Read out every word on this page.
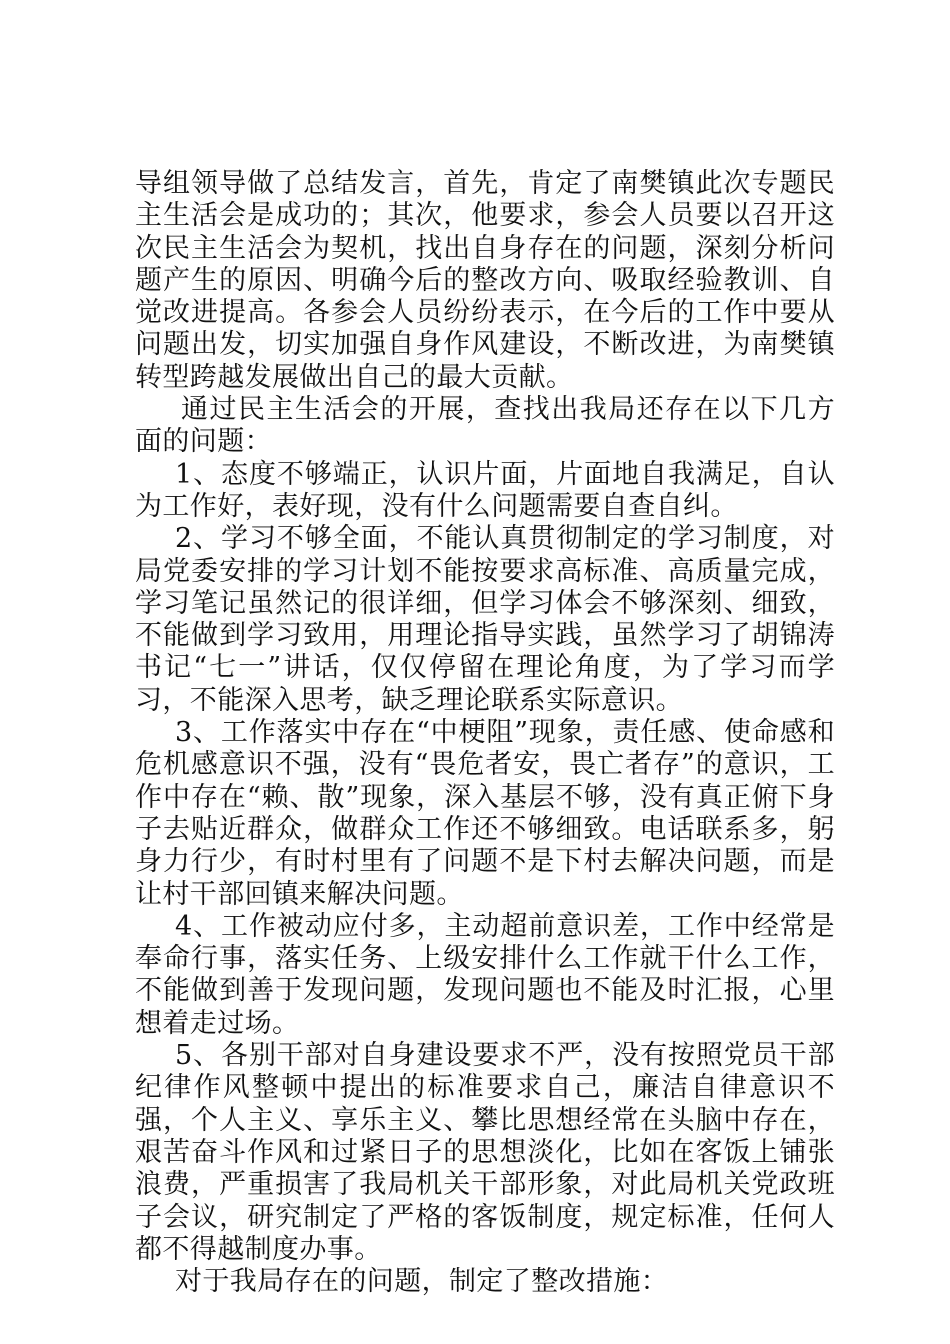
导组领导做了总结发言，首先，肯定了南樊镇此次专题民主生活会是成功的；其次，他要求，参会人员要以召开这次民主生活会为契机，找出自身存在的问题，深刻分析问题产生的原因、明确今后的整改方向、吸取经验教训、自觉改进提高。各参会人员纷纷表示，在今后的工作中要从问题出发，切实加强自身作风建设，不断改进，为南樊镇转型跨越发展做出自己的最大贡献。

通过民主生活会的开展，查找出我局还存在以下几方面的问题：

1、态度不够端正，认识片面，片面地自我满足，自认为工作好，表好现，没有什么问题需要自查自纠。

2、学习不够全面，不能认真贯彻制定的学习制度，对局党委安排的学习计划不能按要求高标准、高质量完成，学习笔记虽然记的很详细，但学习体会不够深刻、细致，不能做到学习致用，用理论指导实践，虽然学习了胡锦涛书记“七一”讲话，仅仅停留在理论角度，为了学习而学习，不能深入思考，缺乏理论联系实际意识。

3、工作落实中存在“中梗阻”现象，责任感、使命感和危机感意识不强，没有“畏危者安，畏亡者存”的意识，工作中存在“赖、散”现象，深入基层不够，没有真正俯下身子去贴近群众，做群众工作还不够细致。电话联系多，躬身力行少，有时村里有了问题不是下村去解决问题，而是让村干部回镇来解决问题。

4、工作被动应付多，主动超前意识差，工作中经常是奉命行事，落实任务、上级安排什么工作就干什么工作，不能做到善于发现问题，发现问题也不能及时汇报，心里想着走过场。

5、各别干部对自身建设要求不严，没有按照党员干部纪律作风整顿中提出的标准要求自己，廉洁自律意识不强，个人主义、享乐主义、攀比思想经常在头脑中存在，艰苦奋斗作风和过紧日子的思想淡化，比如在客饭上铺张浪费，严重损害了我局机关干部形象，对此局机关党政班子会议，研究制定了严格的客饭制度，规定标准，任何人都不得越制度办事。

对于我局存在的问题，制定了整改措施：
